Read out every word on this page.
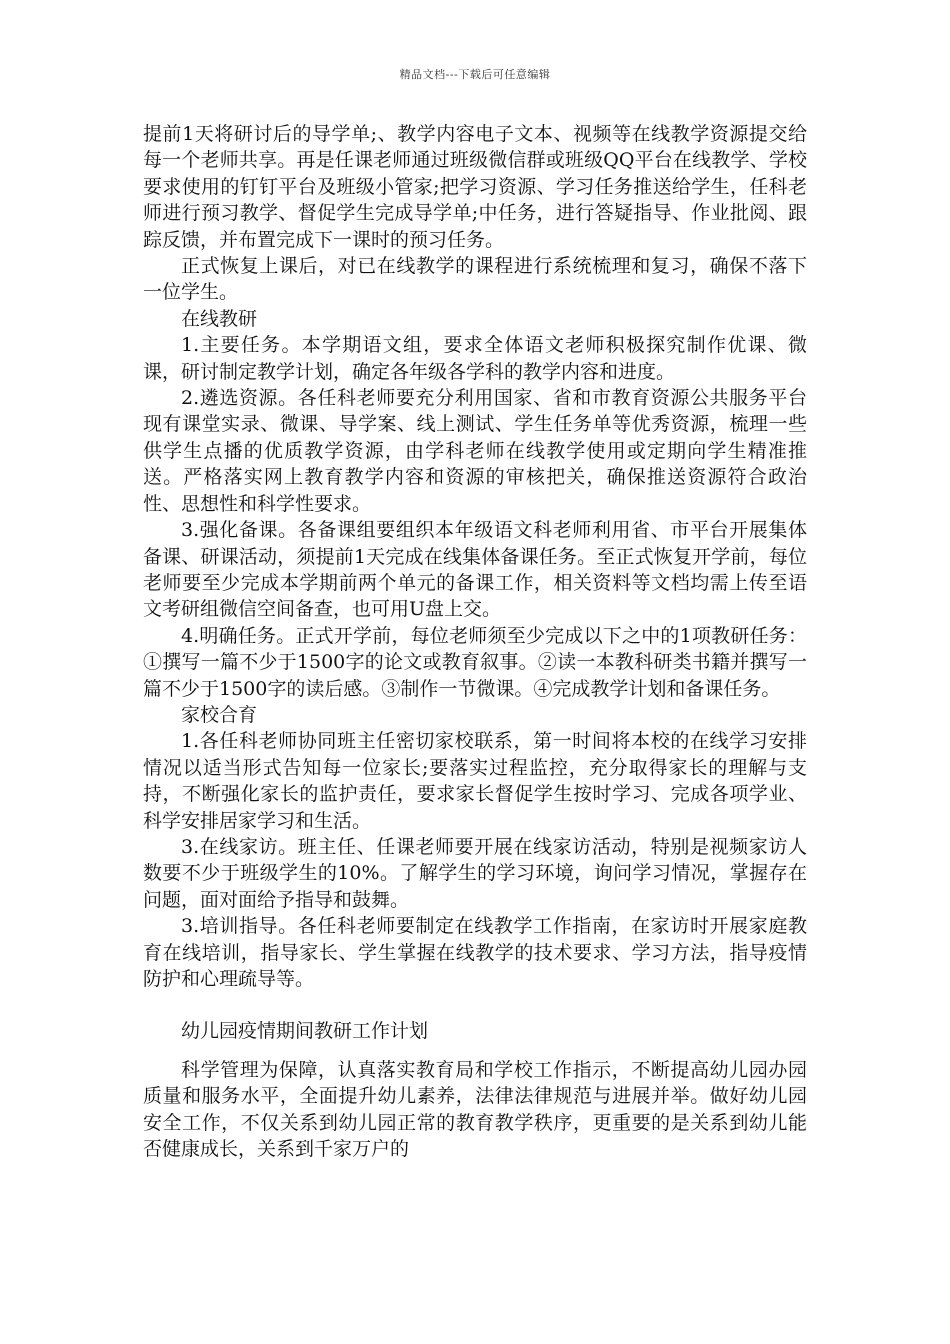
精品文档---下载后可任意编辑

提前1天将研讨后的导学单;、教学内容电子文本、视频等在线教学资源提交给每一个老师共享。再是任课老师通过班级微信群或班级QQ平台在线教学、学校要求使用的钉钉平台及班级小管家;把学习资源、学习任务推送给学生，任科老师进行预习教学、督促学生完成导学单;中任务，进行答疑指导、作业批阅、跟踪反馈，并布置完成下一课时的预习任务。

正式恢复上课后，对已在线教学的课程进行系统梳理和复习，确保不落下一位学生。

在线教研

1.主要任务。本学期语文组，要求全体语文老师积极探究制作优课、微课，研讨制定教学计划，确定各年级各学科的教学内容和进度。

2.遴选资源。各任科老师要充分利用国家、省和市教育资源公共服务平台现有课堂实录、微课、导学案、线上测试、学生任务单等优秀资源，梳理一些供学生点播的优质教学资源，由学科老师在线教学使用或定期向学生精准推送。严格落实网上教育教学内容和资源的审核把关，确保推送资源符合政治性、思想性和科学性要求。

3.强化备课。各备课组要组织本年级语文科老师利用省、市平台开展集体备课、研课活动，须提前1天完成在线集体备课任务。至正式恢复开学前，每位老师要至少完成本学期前两个单元的备课工作，相关资料等文档均需上传至语文考研组微信空间备查，也可用U盘上交。

4.明确任务。正式开学前，每位老师须至少完成以下之中的1项教研任务：①撰写一篇不少于1500字的论文或教育叙事。②读一本教科研类书籍并撰写一篇不少于1500字的读后感。③制作一节微课。④完成教学计划和备课任务。

家校合育

1.各任科老师协同班主任密切家校联系，第一时间将本校的在线学习安排情况以适当形式告知每一位家长;要落实过程监控，充分取得家长的理解与支持，不断强化家长的监护责任，要求家长督促学生按时学习、完成各项学业、科学安排居家学习和生活。

3.在线家访。班主任、任课老师要开展在线家访活动，特别是视频家访人数要不少于班级学生的10%。了解学生的学习环境，询问学习情况，掌握存在问题，面对面给予指导和鼓舞。

3.培训指导。各任科老师要制定在线教学工作指南，在家访时开展家庭教育在线培训，指导家长、学生掌握在线教学的技术要求、学习方法，指导疫情防护和心理疏导等。

幼儿园疫情期间教研工作计划

科学管理为保障，认真落实教育局和学校工作指示，不断提高幼儿园办园质量和服务水平，全面提升幼儿素养，法律法律规范与进展并举。做好幼儿园安全工作，不仅关系到幼儿园正常的教育教学秩序，更重要的是关系到幼儿能否健康成长，关系到千家万户的
